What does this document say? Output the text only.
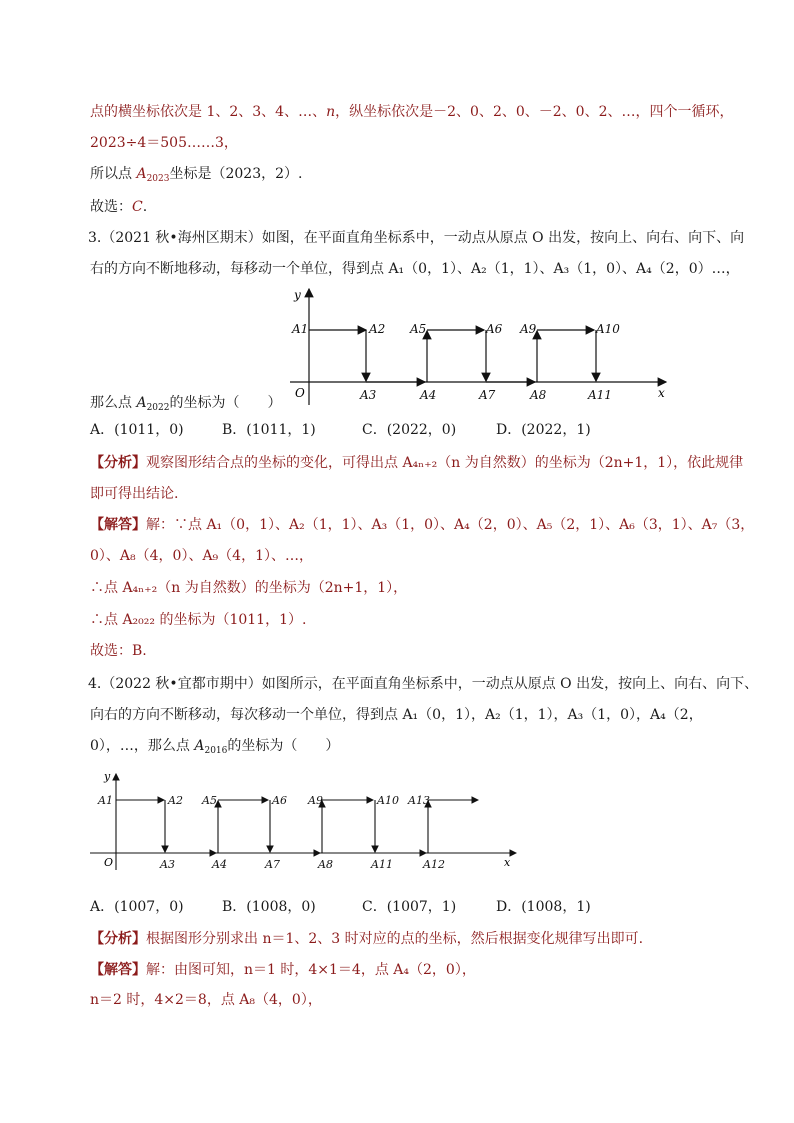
点的横坐标依次是 1、2、3、4、…、n，纵坐标依次是－2、0、2、0、－2、0、2、…，四个一循环，
2023÷4＝505……3，
所以点 $A_{2023}$坐标是（2023，2）.
故选：C.
3.（2021 秋•海州区期末）如图，在平面直角坐标系中，一动点从原点 O 出发，按向上、向右、向下、向
右的方向不断地移动，每移动一个单位，得到点 A₁（0，1）、A₂（1，1）、A₃（1，0）、A₄（2，0）…，
y
x
O
A1	A2
A3	A4
A5	A6
A7	A8
A9	A10
A11
那么点 $A_{2022}$的坐标为（　　）
A．(1011，0)	B．(1011，1)	C．(2022，0)	D．(2022，1)
【分析】观察图形结合点的坐标的变化，可得出点 A₄ₙ₊₂（n 为自然数）的坐标为（2n+1，1），依此规律
即可得出结论.
【解答】解：∵点 A₁（0，1）、A₂（1，1）、A₃（1，0）、A₄（2，0）、A₅（2，1）、A₆（3，1）、A₇（3，
0）、A₈（4，0）、A₉（4，1）、…，
∴点 A₄ₙ₊₂（n 为自然数）的坐标为（2n+1，1），
∴点 A₂₀₂₂ 的坐标为（1011，1）.
故选：B.
4.（2022 秋•宜都市期中）如图所示，在平面直角坐标系中，一动点从原点 O 出发，按向上、向右、向下、
向右的方向不断移动，每次移动一个单位，得到点 A₁（0，1），A₂（1，1），A₃（1，0），A₄（2，
0），…，那么点 $A_{2016}$的坐标为（　　）
y
x
O
A1	A2
A3	A4
A5	A6
A7	A8
A9	A10
A11	A12
A13
A．(1007，0)	B．(1008，0)	C．(1007，1)	D．(1008，1)
【分析】根据图形分别求出 n＝1、2、3 时对应的点的坐标，然后根据变化规律写出即可.
【解答】解：由图可知，n＝1 时，4×1＝4，点 A₄（2，0），
n＝2 时，4×2＝8，点 A₈（4，0），
